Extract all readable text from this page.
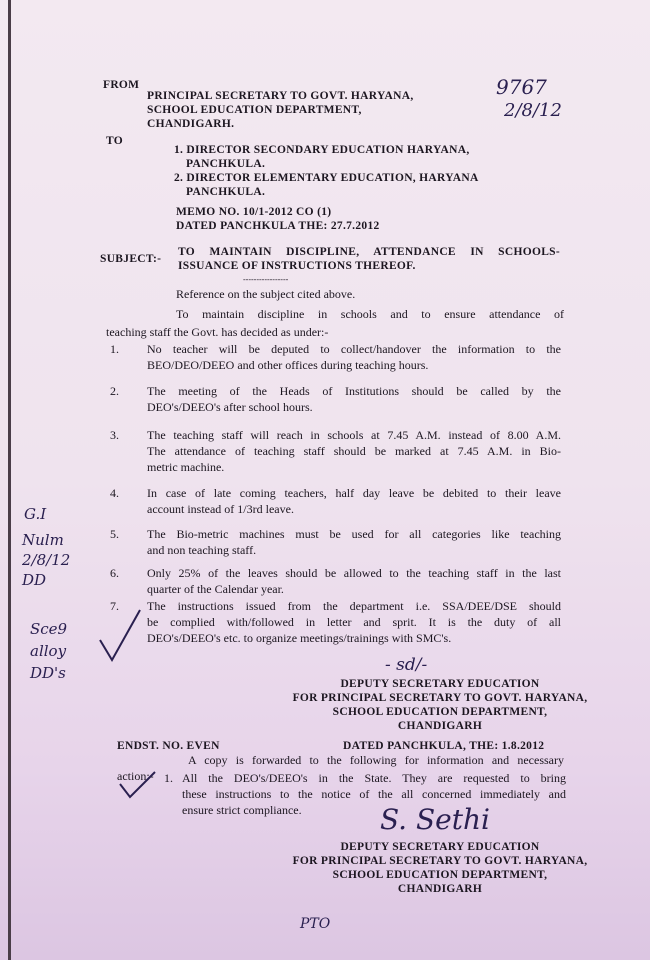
FROM
PRINCIPAL SECRETARY TO GOVT. HARYANA,
SCHOOL EDUCATION DEPARTMENT,
CHANDIGARH.
TO
1. DIRECTOR SECONDARY EDUCATION HARYANA,
PANCHKULA.
2. DIRECTOR ELEMENTARY EDUCATION, HARYANA
PANCHKULA.
MEMO NO. 10/1-2012 CO (1)
DATED PANCHKULA THE: 27.7.2012
SUBJECT:-
TO MAINTAIN DISCIPLINE, ATTENDANCE IN SCHOOLS-
ISSUANCE OF INSTRUCTIONS THEREOF.
-----------------
Reference on the subject cited above.
To maintain discipline in schools and to ensure attendance of
teaching staff the Govt. has decided as under:-
1. No teacher will be deputed to collect/handover the information to the
BEO/DEO/DEEO and other offices during teaching hours.
2. The meeting of the Heads of Institutions should be called by the
DEO's/DEEO's after school hours.
3. The teaching staff will reach in schools at 7.45 A.M. instead of 8.00 A.M.
The attendance of teaching staff should be marked at 7.45 A.M. in Bio-
metric machine.
4. In case of late coming teachers, half day leave be debited to their leave
account instead of 1/3rd leave.
5. The Bio-metric machines must be used for all categories like teaching
and non teaching staff.
6. Only 25% of the leaves should be allowed to the teaching staff in the last
quarter of the Calendar year.
7. The instructions issued from the department i.e. SSA/DEE/DSE should
be complied with/followed in letter and sprit. It is the duty of all
DEO's/DEEO's etc. to organize meetings/trainings with SMC's.
- sd/-
DEPUTY SECRETARY EDUCATION
FOR PRINCIPAL SECRETARY TO GOVT. HARYANA,
SCHOOL EDUCATION DEPARTMENT,
CHANDIGARH
DATED PANCHKULA, THE: 1.8.2012
ENDST. NO. EVEN
A copy is forwarded to the following for information and necessary
action:- 1. All the DEO's/DEEO's in the State. They are requested to bring
these instructions to the notice of the all concerned immediately and
ensure strict compliance.
DEPUTY SECRETARY EDUCATION
FOR PRINCIPAL SECRETARY TO GOVT. HARYANA,
SCHOOL EDUCATION DEPARTMENT,
CHANDIGARH
9767
2/8/12
G.I
Nulm 2/8/12 DD
Sce9 alloy DD's
S. Sethi
PTO
